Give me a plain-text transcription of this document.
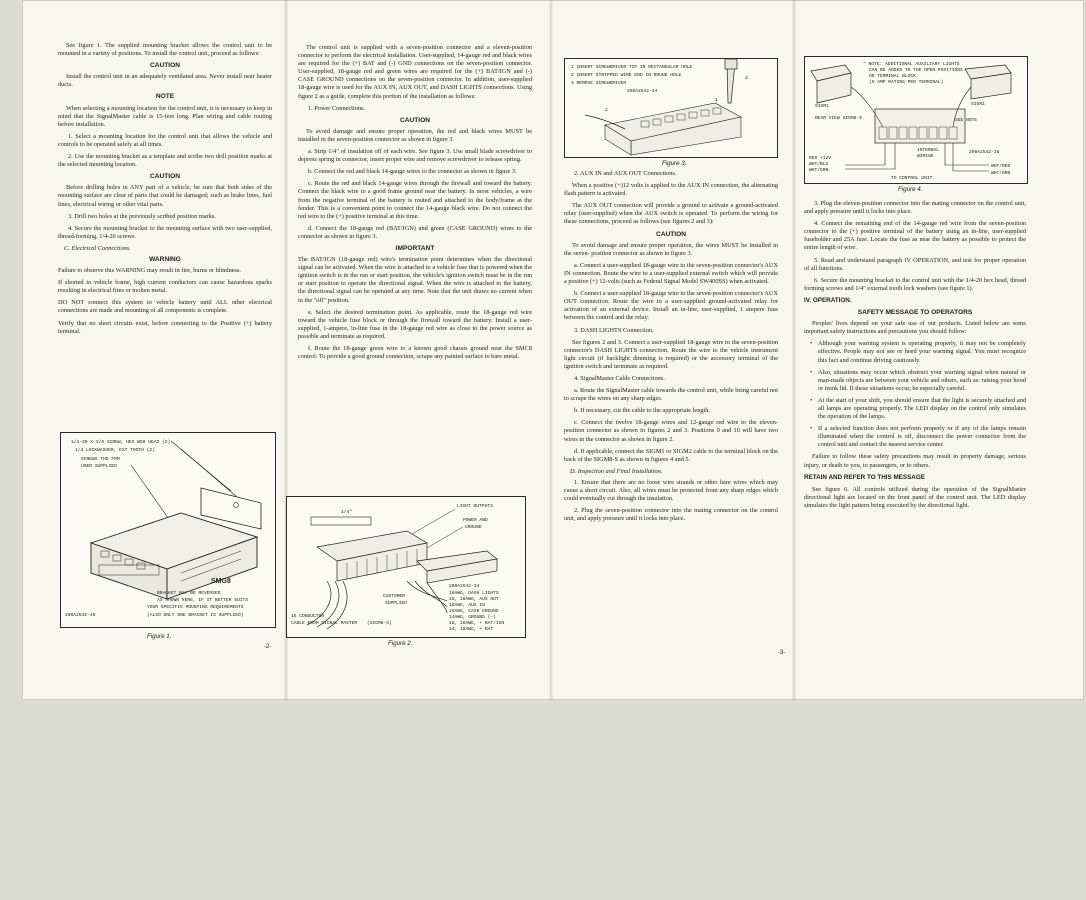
See figure 1. The supplied mounting bracket allows the control unit to be mounted in a variety of positions. To install the control unit, proceed as follows:
CAUTION
Install the control unit in an adequately ventilated area. Never install near heater ducts.
NOTE
When selecting a mounting location for the control unit, it is necessary to keep in mind that the SignalMaster cable is 15-feet long. Plan wiring and cable routing before installation.
1. Select a mounting location for the control unit that allows the vehicle and controls to be operated safely at all times.
2. Use the mounting bracket as a template and scribe two drill position marks at the selected mounting location.
CAUTION
Before drilling holes in ANY part of a vehicle, be sure that both sides of the mounting surface are clear of parts that could be damaged; such as brake lines, fuel lines, electrical wiring or other vital parts.
3. Drill two holes at the previously scribed position marks.
4. Secure the mounting bracket to the mounting surface with two user-supplied, thread-forming, 1/4-20 screws.
C. Electrical Connections.
WARNING
Failure to observe this WARNING may result in fire, burns or blindness.
If shorted to vehicle frame, high current conductors can cause hazardous sparks resulting in electrical fires or molten metal.
DO NOT connect this system to vehicle battery until ALL other electrical connections are made and mounting of all components is complete.
Verify that no short circuits exist, before connecting to the Positive (+) battery terminal.
1/4-20 X 3/8 SCREW, HEX WSH HEAD (2)
1/4 LOCKWASHER, EXT TOOTH (2)
SCREWS THD FRM
USER SUPPLIED
SMG8
BRACKET MAY BE REVERSED
AS SHOWN HERE, IF IT BETTER SUITS
YOUR SPECIFIC MOUNTING REQUIREMENTS
(ALSO ONLY ONE BRACKET IS SUPPLIED)
290A2542-48
Figure 1.
The control unit is supplied with a seven-position connector and a eleven-position connector to perform the electrical installation. User-supplied, 14-gauge red and black wires are required for the (+) BAT and (-) GND connections on the seven-position connector. User-supplied, 18-gauge red and green wires are required for the (+) BAT/IGN and (-) CASE GROUND connections on the seven-position connector. In addition, user-supplied 18-gauge wire is used for the AUX IN, AUX OUT, and DASH LIGHTS connections. Using figure 2 as a guide, complete this portion of the installation as follows:
1. Power Connections.
CAUTION
To avoid damage and ensure proper operation, the red and black wires MUST be installed in the seven-position connector as shown in figure 3.
a. Strip 1/4" of insulation off of each wire. See figure 3. Use small blade screwdriver to depress spring in connector, insert proper wire and remove screwdriver to release spring.
b. Connect the red and black 14-gauge wires to the connector as shown in figure 3.
c. Route the red and black 14-gauge wires through the firewall and toward the battery. Connect the black wire to a good frame ground near the battery. In most vehicles, a wire from the negative terminal of the battery is routed and attached to the body/frame at the fender. This is a convenient point to connect the 14-gauge black wire. Do not connect the red wire to the (+) positive terminal at this time.
d. Connect the 18-gauge red (BAT/IGN) and green (CASE GROUND) wires to the connector as shown in figure 3.
IMPORTANT
The BAT/IGN (18-gauge red) wire's termination point determines when the directional signal can be activated. When the wire is attached to a vehicle fuse that is powered when the ignition switch is in the run or start position, the vehicle's ignition switch must be in the run or start position to operate the directional signal. When the wire is attached to the battery, the directional signal can be operated at any time. Note that the unit draws no current when in the "off" position.
e. Select the desired termination point. As applicable, route the 18-gauge red wire toward the vehicle fuse block or through the firewall toward the battery. Install a user-supplied, 1-ampere, in-line fuse in the 18-gauge red wire as close to the power source as possible and terminate as required.
f. Route the 18-gauge green wire to a known good chassis ground near the SMC8 control. To provide a good ground connection, scrape any painted surface to bare metal.
1/4"
LIGHT OUTPUTS
POWER AND
GROUND
CUSTOMER
SUPPLIED
15 CONDUCTOR
CABLE FROM SIGNAL MASTER (SIGM8-S)
290A2542-34
18AWG, DASH LIGHTS
18, 18AWG, AUX OUT
18AWG, AUX IN
18AWG, CASE GROUND
14AWG, GROUND (-)
18, 18AWG, + BAT/IGN
14, 18AWG, + BAT
Figure 2.
-2-
1 INSERT SCREWDRIVER TIP IN RECTANGULAR HOLE
2 INSERT STRIPPED WIRE END IN ROUND HOLE
3 REMOVE SCREWDRIVER
290A2542-44
1
2
3
Figure 3.
2. AUX IN and AUX OUT Connections.
When a positive (+)12 volts is applied to the AUX IN connection, the alternating flash pattern is activated.
The AUX OUT connection will provide a ground to activate a ground-activated relay (user-supplied) when the AUX switch is operated. To perform the wiring for these connections, proceed as follows (see figures 2 and 3):
CAUTION
To avoid damage and ensure proper operation, the wires MUST be installed in the seven- position connector as shown in figure 3.
a. Connect a user-supplied 18-gauge wire to the seven-position connector's AUX IN connection. Route the wire to a user-supplied external switch which will provide a positive (+) 12-volts (such as Federal Signal Model SW400SS) when activated.
b. Connect a user-supplied 18-gauge wire to the seven-position connector's AUX OUT connection. Route the wire to a user-supplied ground-activated relay for activation of an external device. Install an in-line, user-supplied, 1 ampere fuse between the control and the relay.
3. DASH LIGHTS Connection.
See figures 2 and 3. Connect a user-supplied 18-gauge wire to the seven-position connector's DASH LIGHTS connection. Route the wire to the vehicle instrument light circuit (if backlight dimming is required) or the accessory terminal of the ignition switch and terminate as required.
4. SignalMaster Cable Connections.
a. Route the SignalMaster cable towards the control unit, while being careful not to scrape the wires on any sharp edges.
b. If necessary, cut the cable to the appropriate length.
c. Connect the twelve 18-gauge wires and 12-gauge red wire to the eleven-position connector as shown in figures 2 and 3. Positions 9 and 10 will have two wires in the connector as shown in figure 2.
d. If applicable, connect the SIGM1 or SIGM2 cable to the terminal block on the back of the SIGM8-S as shown in figures 4 and 5.
D. Inspection and Final Installation.
1. Ensure that there are no loose wire strands or other bare wires which may cause a short circuit. Also, all wires must be protected from any sharp edges which could eventually cut through the insulation.
2. Plug the seven-position connector into the mating connector on the control unit, and apply pressure until it locks into place.
-3-
SIGM1	SIGM1
* NOTE: ADDITIONAL AUXILIARY LIGHTS
CAN BE ADDED TO THE OPEN POSITIONS
ON TERMINAL BLOCK
(5 AMP RATING PER TERMINAL)
REAR VIEW SIGM8-S	SEE NOTE
RED +12V
WHT/BLU
WHT/GRN
INTERNAL
WIRING
TO CONTROL UNIT
WHT/RED
WHT/GRN
290A2542-38
Figure 4.
3. Plug the eleven-position connector into the mating connector on the control unit, and apply pressure until it locks into place.
4. Connect the remaining end of the 14-gauge red wire from the seven-position connector to the (+) positive terminal of the battery using an in-line, user-supplied fuseholder and 25A fuse. Locate the fuse as near the battery as possible to protect the entire length of wire.
5. Read and understand paragraph IV OPERATION, and test for proper operation of all functions.
6. Secure the mounting bracket to the control unit with the 1/4-20 hex head, thread forming screws and 1/4" external tooth lock washers (see figure 1).
IV. OPERATION.
SAFETY MESSAGE TO OPERATORS
Peoples' lives depend on your safe use of our products. Listed below are some important safety instructions and precautions you should follow:
• Although your warning system is operating properly, it may not be completely effective. People may not see or heed your warning signal. You must recognize this fact and continue driving cautiously.
• Also, situations may occur which obstruct your warning signal when natural or man-made objects are between your vehicle and others, such as: raising your hood or trunk lid. If these situations occur, be especially careful.
• At the start of your shift, you should ensure that the light is securely attached and all lamps are operating properly. The LED display on the control only simulates the operation of the lamps.
• If a selected function does not perform properly or if any of the lamps remain illuminated when the control is off, disconnect the power connector from the control unit and contact the nearest service center.
Failure to follow these safety precautions may result in property damage, serious injury, or death to you, to passengers, or to others.
RETAIN AND REFER TO THIS MESSAGE
See figure 6. All controls utilized during the operation of the SignalMaster directional light are located on the front panel of the control unit. The LED display simulates the light pattern being executed by the directional light.
